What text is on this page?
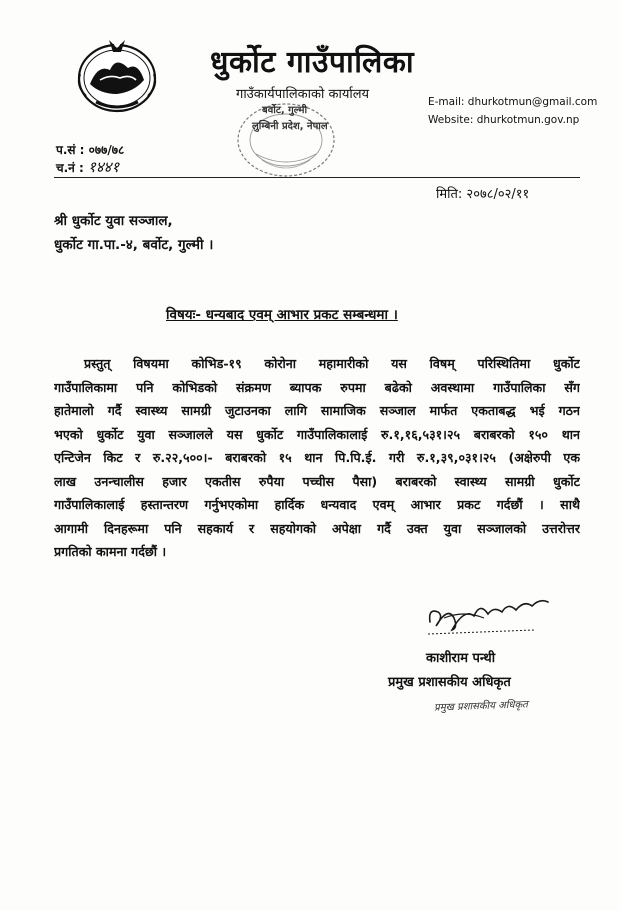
धुर्कोट गाउँपालिका
गाउँकार्यपालिकाको कार्यालय
बर्वोट, गुल्मी
लुम्बिनी प्रदेश, नेपाल
E-mail: dhurkotmun@gmail.com
Website: dhurkotmun.gov.np
प.सं : ०७७/७८
च.नं : १४४१
मिति: २०७८/०२/११
श्री धुर्कोट युवा सञ्जाल,
धुर्कोट गा.पा.-४, बर्वोट, गुल्मी ।
विषयः- धन्यबाद एवम् आभार प्रकट सम्बन्धमा ।
प्रस्तुत् विषयमा कोभिड-१९ कोरोना महामारीको यस विषम् परिस्थितिमा धुर्कोट
गाउँपालिकामा पनि कोभिडको संक्रमण ब्यापक रुपमा बढेको अवस्थामा गाउँपालिका सँग
हातेमालो गर्दै स्वास्थ्य सामग्री जुटाउनका लागि सामाजिक सञ्जाल मार्फत एकताबद्ध भई गठन
भएको धुर्कोट युवा सञ्जालले यस धुर्कोट गाउँपालिकालाई रु.१,१६,५३१।२५ बराबरको १५० थान
एन्टिजेन किट र रु.२२,५००।- बराबरको १५ थान पि.पि.ई. गरी रु.१,३९,०३१।२५ (अक्षेरुपी एक
लाख उनन्चालीस हजार एकतीस रुपैया पच्चीस पैसा) बराबरको स्वास्थ्य सामग्री धुर्कोट
गाउँपालिकालाई हस्तान्तरण गर्नुभएकोमा हार्दिक धन्यवाद एवम् आभार प्रकट गर्दछौं । साथै
आगामी दिनहरूमा पनि सहकार्य र सहयोगको अपेक्षा गर्दै उक्त युवा सञ्जालको उत्तरोत्तर
प्रगतिको कामना गर्दछौं ।
काशीराम पन्थी
प्रमुख प्रशासकीय अधिकृत
प्रमुख प्रशासकीय अधिकृत
